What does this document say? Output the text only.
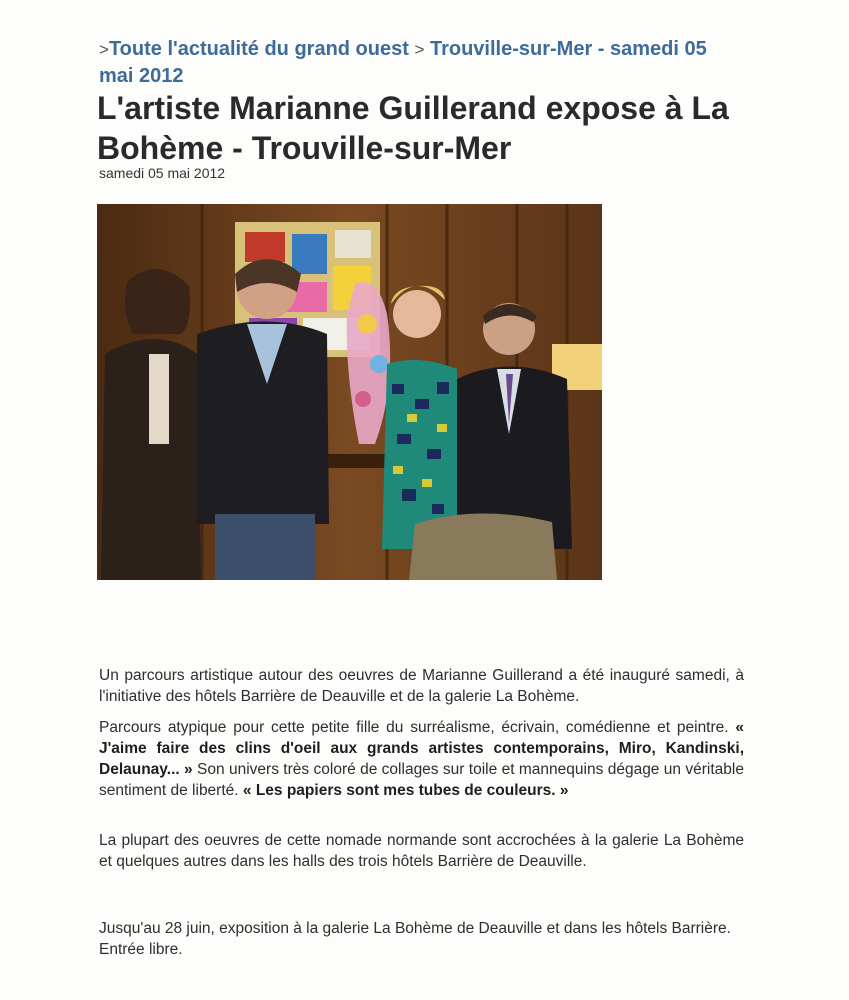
>Toute l'actualité du grand ouest > Trouville-sur-Mer - samedi 05 mai 2012
L'artiste Marianne Guillerand expose à La Bohème - Trouville-sur-Mer
samedi 05 mai 2012

Un parcours artistique autour des oeuvres de Marianne Guillerand a été inauguré samedi, à l'initiative des hôtels Barrière de Deauville et de la galerie La Bohème.

Parcours atypique pour cette petite fille du surréalisme, écrivain, comédienne et peintre. « J'aime faire des clins d'oeil aux grands artistes contemporains, Miro, Kandinski, Delaunay... » Son univers très coloré de collages sur toile et mannequins dégage un véritable sentiment de liberté. « Les papiers sont mes tubes de couleurs. »

La plupart des oeuvres de cette nomade normande sont accrochées à la galerie La Bohème et quelques autres dans les halls des trois hôtels Barrière de Deauville.

Jusqu'au 28 juin, exposition à la galerie La Bohème de Deauville et dans les hôtels Barrière. Entrée libre.
